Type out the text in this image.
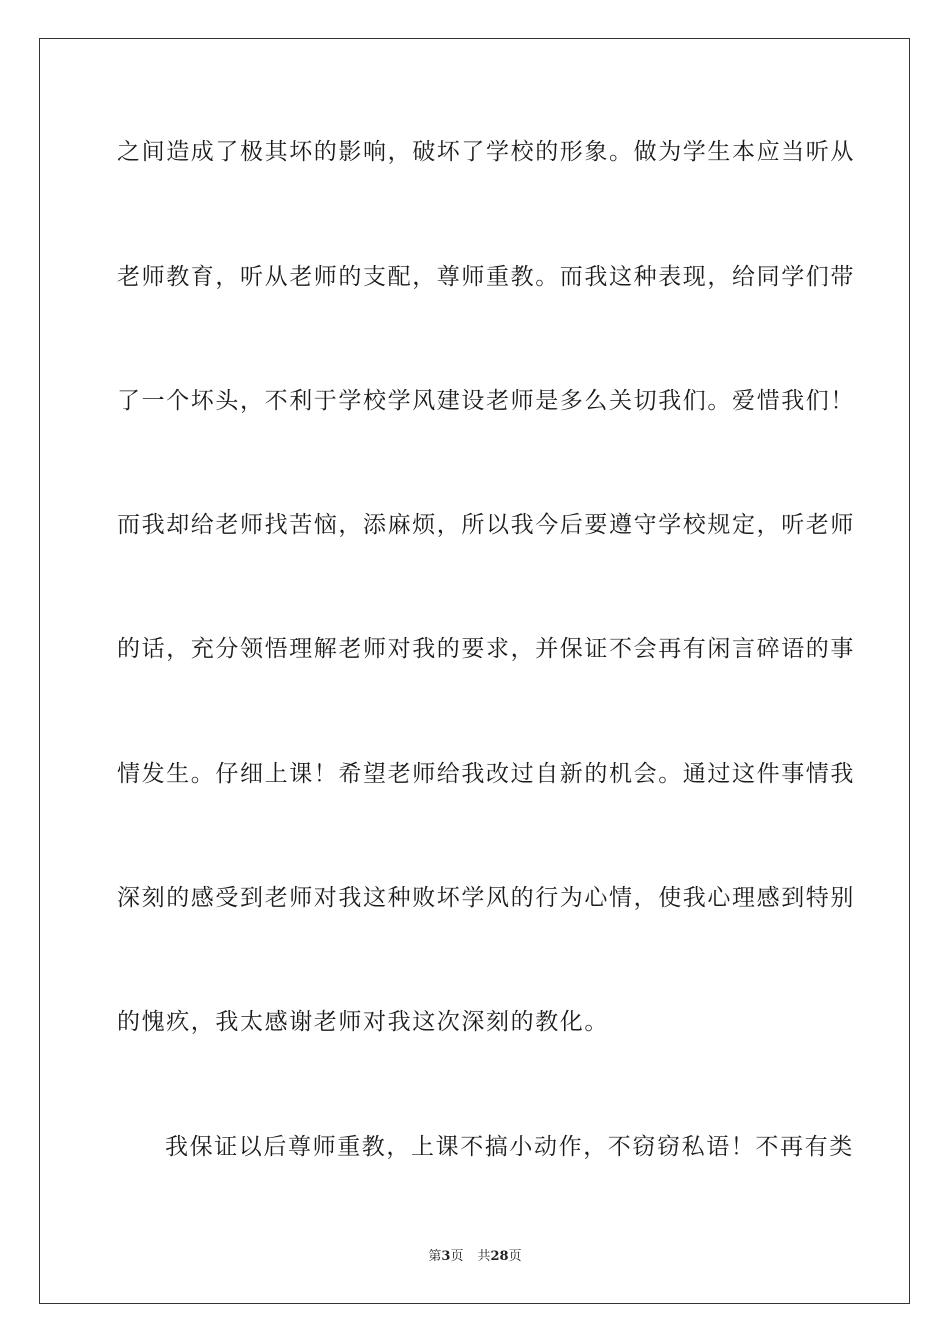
之间造成了极其坏的影响，破坏了学校的形象。做为学生本应当听从
老师教育，听从老师的支配，尊师重教。而我这种表现，给同学们带
了一个坏头，不利于学校学风建设老师是多么关切我们。爱惜我们！
而我却给老师找苦恼，添麻烦，所以我今后要遵守学校规定，听老师
的话，充分领悟理解老师对我的要求，并保证不会再有闲言碎语的事
情发生。仔细上课！希望老师给我改过自新的机会。通过这件事情我
深刻的感受到老师对我这种败坏学风的行为心情，使我心理感到特别
的愧疚，我太感谢老师对我这次深刻的教化。
我保证以后尊师重教，上课不搞小动作，不窃窃私语！不再有类
第3页 共28页
